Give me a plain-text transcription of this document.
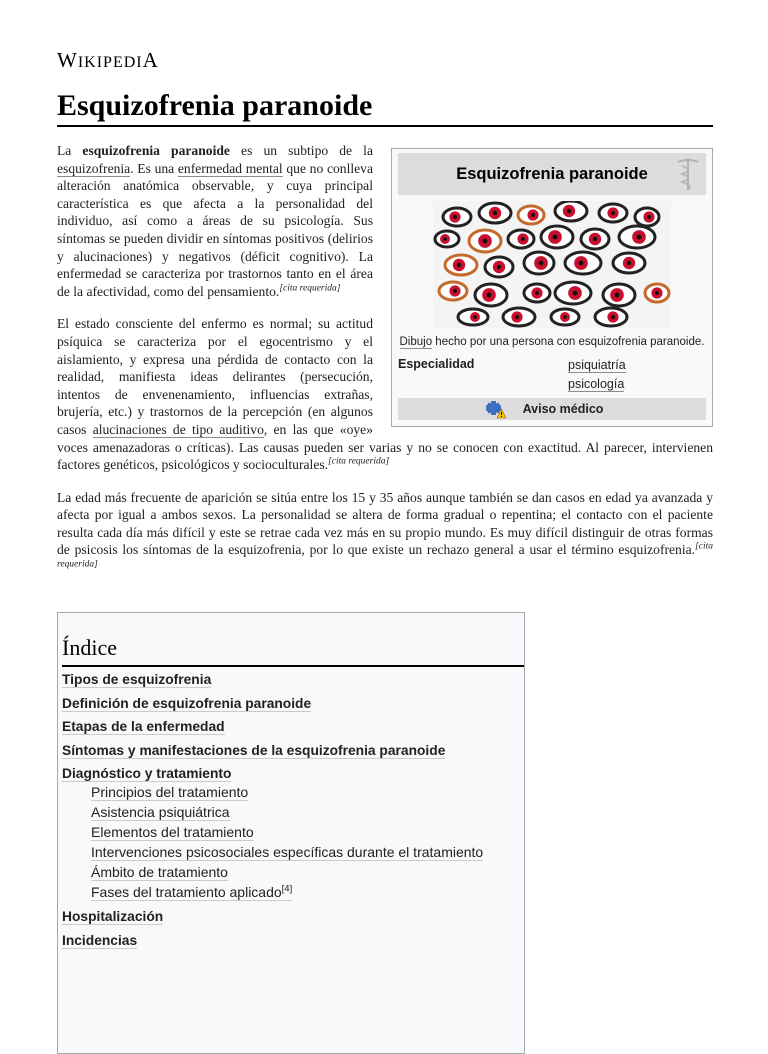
WIKIPEDIA
Esquizofrenia paranoide
Esquizofrenia paranoide
Dibujo hecho por una persona con esquizofrenia paranoide.
Especialidad	psiquiatría
psicología
Aviso médico

La esquizofrenia paranoide es un subtipo de la esquizofrenia. Es una enfermedad mental que no conlleva alteración anatómica observable, y cuya principal característica es que afecta a la personalidad del individuo, así como a áreas de su psicología. Sus síntomas se pueden dividir en síntomas positivos (delirios y alucinaciones) y negativos (déficit cognitivo). La enfermedad se caracteriza por trastornos tanto en el área de la afectividad, como del pensamiento.[cita requerida]

El estado consciente del enfermo es normal; su actitud psíquica se caracteriza por el egocentrismo y el aislamiento, y expresa una pérdida de contacto con la realidad, manifiesta ideas delirantes (persecución, intentos de envenenamiento, influencias extrañas, brujería, etc.) y trastornos de la percepción (en algunos casos alucinaciones de tipo auditivo, en las que «oye» voces amenazadoras o críticas). Las causas pueden ser varias y no se conocen con exactitud. Al parecer, intervienen factores genéticos, psicológicos y socioculturales.[cita requerida]

La edad más frecuente de aparición se sitúa entre los 15 y 35 años aunque también se dan casos en edad ya avanzada y afecta por igual a ambos sexos. La personalidad se altera de forma gradual o repentina; el contacto con el paciente resulta cada día más difícil y este se retrae cada vez más en su propio mundo. Es muy difícil distinguir de otras formas de psicosis los síntomas de la esquizofrenia, por lo que existe un rechazo general a usar el término esquizofrenia.[cita requerida]

Índice
Tipos de esquizofrenia
Definición de esquizofrenia paranoide
Etapas de la enfermedad
Síntomas y manifestaciones de la esquizofrenia paranoide
Diagnóstico y tratamiento
Principios del tratamiento
Asistencia psiquiátrica
Elementos del tratamiento
Intervenciones psicosociales específicas durante el tratamiento
Ámbito de tratamiento
Fases del tratamiento aplicado[4]
Hospitalización
Incidencias
